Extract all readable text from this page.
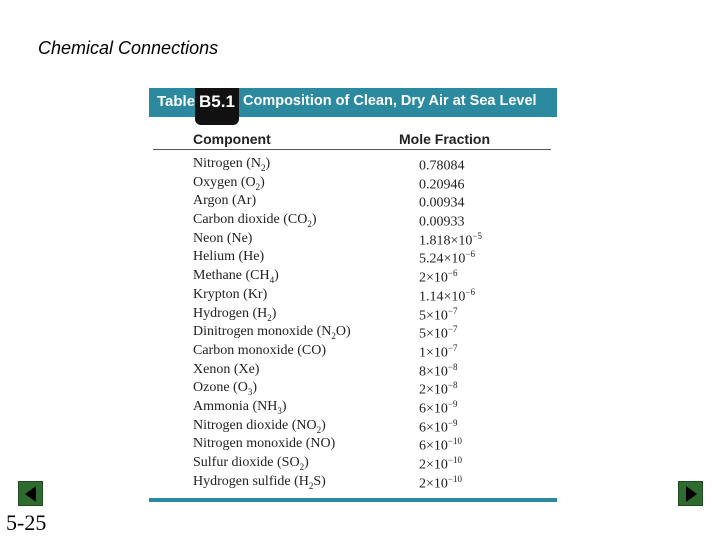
Chemical Connections
Table B5.1 Composition of Clean, Dry Air at Sea Level
Component	Mole Fraction
Nitrogen $(N_2)$	0.78084
Oxygen $(O_2)$	0.20946
Argon (Ar)	0.00934
Carbon dioxide $(CO_2)$	0.00933
Neon (Ne)	$1.818\times 10^{-5}$
Helium (He)	$5.24\times 10^{-6}$
Methane $(CH_4)$	$2\times 10^{-6}$
Krypton (Kr)	$1.14\times 10^{-6}$
Hydrogen $(H_2)$	$5\times 10^{-7}$
Dinitrogen monoxide $(N_2O)$	$5\times 10^{-7}$
Carbon monoxide (CO)	$1\times 10^{-7}$
Xenon (Xe)	$8\times 10^{-8}$
Ozone $(O_3)$	$2\times 10^{-8}$
Ammonia $(NH_3)$	$6\times 10^{-9}$
Nitrogen dioxide $(NO_2)$	$6\times 10^{-9}$
Nitrogen monoxide (NO)	$6\times 10^{-10}$
Sulfur dioxide $(SO_2)$	$2\times 10^{-10}$
Hydrogen sulfide $(H_2S)$	$2\times 10^{-10}$
5-25
